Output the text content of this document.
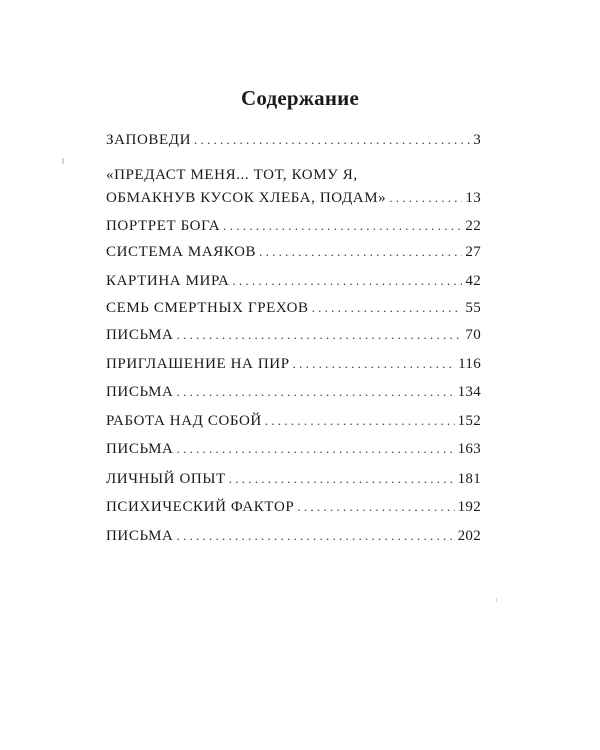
Содержание
ЗАПОВЕДИ . . .	3
«ПРЕДАСТ МЕНЯ... ТОТ, КОМУ Я,
ОБМАКНУВ КУСОК ХЛЕБА, ПОДАМ» . . .	13
ПОРТРЕТ БОГА . . .	22
СИСТЕМА МАЯКОВ . . .	27
КАРТИНА МИРА . . .	42
СЕМЬ СМЕРТНЫХ ГРЕХОВ . . .	55
ПИСЬМА . . .	70
ПРИГЛАШЕНИЕ НА ПИР . . .	116
ПИСЬМА . . .	134
РАБОТА НАД СОБОЙ . . .	152
ПИСЬМА . . .	163
ЛИЧНЫЙ ОПЫТ . . .	181
ПСИХИЧЕСКИЙ ФАКТОР . . .	192
ПИСЬМА . . .	202
